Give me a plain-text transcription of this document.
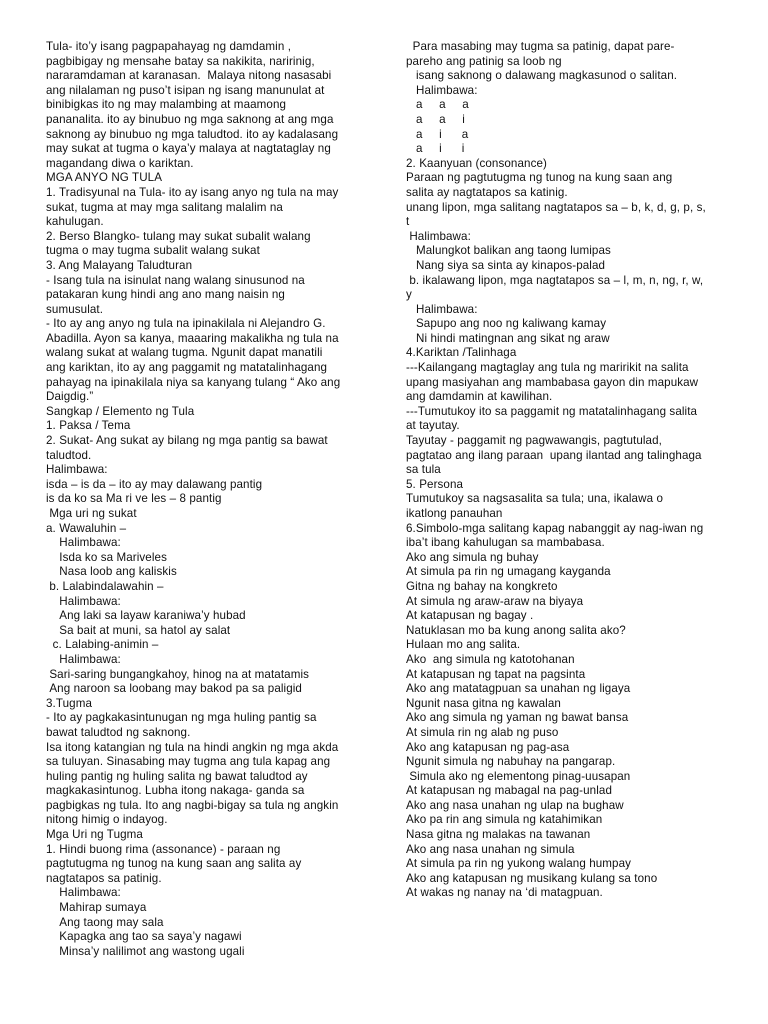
Tula- ito’y isang pagpapahayag ng damdamin ,
pagbibigay ng mensahe batay sa nakikita, naririnig,
nararamdaman at karanasan.  Malaya nitong nasasabi
ang nilalaman ng puso’t isipan ng isang manunulat at
binibigkas ito ng may malambing at maamong
pananalita. ito ay binubuo ng mga saknong at ang mga
saknong ay binubuo ng mga taludtod. ito ay kadalasang
may sukat at tugma o kaya’y malaya at nagtataglay ng
magandang diwa o kariktan.
MGA ANYO NG TULA
1. Tradisyunal na Tula- ito ay isang anyo ng tula na may
sukat, tugma at may mga salitang malalim na
kahulugan.
2. Berso Blangko- tulang may sukat subalit walang
tugma o may tugma subalit walang sukat
3. Ang Malayang Taludturan
- Isang tula na isinulat nang walang sinusunod na
patakaran kung hindi ang ano mang naisin ng
sumusulat.
- Ito ay ang anyo ng tula na ipinakilala ni Alejandro G.
Abadilla. Ayon sa kanya, maaaring makalikha ng tula na
walang sukat at walang tugma. Ngunit dapat manatili
ang kariktan, ito ay ang paggamit ng matatalinhagang
pahayag na ipinakilala niya sa kanyang tulang “ Ako ang
Daigdig.”
Sangkap / Elemento ng Tula
1. Paksa / Tema
2. Sukat- Ang sukat ay bilang ng mga pantig sa bawat
taludtod.
Halimbawa:
isda – is da – ito ay may dalawang pantig
is da ko sa Ma ri ve les – 8 pantig
Mga uri ng sukat
a. Wawaluhin –
Halimbawa:
Isda ko sa Mariveles
Nasa loob ang kaliskis
b. Lalabindalawahin –
Halimbawa:
Ang laki sa layaw karaniwa’y hubad
Sa bait at muni, sa hatol ay salat
c. Lalabing-animin –
Halimbawa:
Sari-saring bungangkahoy, hinog na at matatamis
Ang naroon sa loobang may bakod pa sa paligid
3.Tugma
- Ito ay pagkakasintunugan ng mga huling pantig sa
bawat taludtod ng saknong.
Isa itong katangian ng tula na hindi angkin ng mga akda
sa tuluyan. Sinasabing may tugma ang tula kapag ang
huling pantig ng huling salita ng bawat taludtod ay
magkakasintunog. Lubha itong nakaga- ganda sa
pagbigkas ng tula. Ito ang nagbi-bigay sa tula ng angkin
nitong himig o indayog.
Mga Uri ng Tugma
1. Hindi buong rima (assonance) - paraan ng
pagtutugma ng tunog na kung saan ang salita ay
nagtatapos sa patinig.
Halimbawa:
Mahirap sumaya
Ang taong may sala
Kapagka ang tao sa saya’y nagawi
Minsa’y nalilimot ang wastong ugali
Para masabing may tugma sa patinig, dapat pare-
pareho ang patinig sa loob ng
isang saknong o dalawang magkasunod o salitan.
Halimbawa:
a     a     a
a     a     i
a     i      a
a     i      i
2. Kaanyuan (consonance)
Paraan ng pagtutugma ng tunog na kung saan ang
salita ay nagtatapos sa katinig.
unang lipon, mga salitang nagtatapos sa – b, k, d, g, p, s,
t
Halimbawa:
Malungkot balikan ang taong lumipas
Nang siya sa sinta ay kinapos-palad
b. ikalawang lipon, mga nagtatapos sa – l, m, n, ng, r, w,
y
Halimbawa:
Sapupo ang noo ng kaliwang kamay
Ni hindi matingnan ang sikat ng araw
4.Kariktan /Talinhaga
---Kailangang magtaglay ang tula ng maririkit na salita
upang masiyahan ang mambabasa gayon din mapukaw
ang damdamin at kawilihan.
---Tumutukoy ito sa paggamit ng matatalinhagang salita
at tayutay.
Tayutay - paggamit ng pagwawangis, pagtutulad,
pagtatao ang ilang paraan  upang ilantad ang talinghaga
sa tula
5. Persona
Tumutukoy sa nagsasalita sa tula; una, ikalawa o
ikatlong panauhan
6.Simbolo-mga salitang kapag nabanggit ay nag-iwan ng
iba’t ibang kahulugan sa mambabasa.
Ako ang simula ng buhay
At simula pa rin ng umagang kayganda
Gitna ng bahay na kongkreto
At simula ng araw-araw na biyaya
At katapusan ng bagay .
Natuklasan mo ba kung anong salita ako?
Hulaan mo ang salita.
Ako  ang simula ng katotohanan
At katapusan ng tapat na pagsinta
Ako ang matatagpuan sa unahan ng ligaya
Ngunit nasa gitna ng kawalan
Ako ang simula ng yaman ng bawat bansa
At simula rin ng alab ng puso
Ako ang katapusan ng pag-asa
Ngunit simula ng nabuhay na pangarap.
Simula ako ng elementong pinag-uusapan
At katapusan ng mabagal na pag-unlad
Ako ang nasa unahan ng ulap na bughaw
Ako pa rin ang simula ng katahimikan
Nasa gitna ng malakas na tawanan
Ako ang nasa unahan ng simula
At simula pa rin ng yukong walang humpay
Ako ang katapusan ng musikang kulang sa tono
At wakas ng nanay na ‘di matagpuan.
